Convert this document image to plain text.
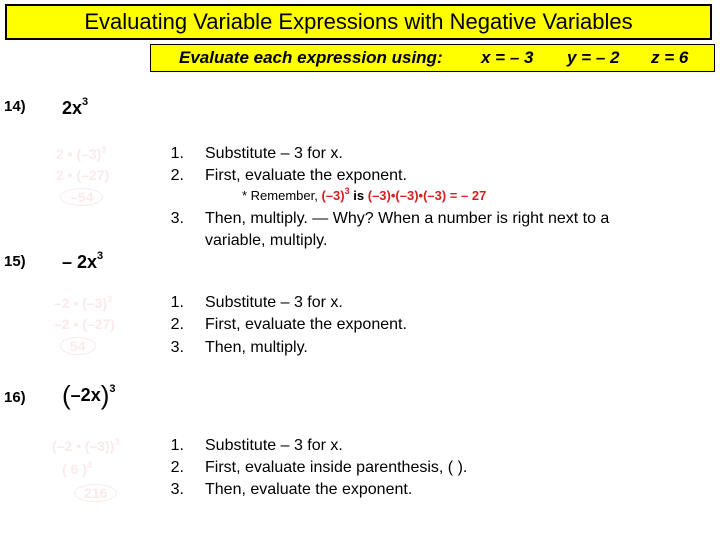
Evaluating Variable Expressions with Negative Variables
Evaluate each expression using: x = – 3 y = – 2 z = 6
14) $2x^3$
2 • $(-3)^3$
2 • (–27)
–54
1. Substitute – 3 for x.
2. First, evaluate the exponent.
* Remember, $(-3)^3$ is (–3)•(–3)•(–3) = – 27
3. Then, multiply. — Why? When a number is right next to a
variable, multiply.
$15) - 2x^3$
–2 • $(-3)^3$
–2 • (–27)
54
1. Substitute – 3 for x.
2. First, evaluate the exponent.
3. Then, multiply.
16) $(-2x)^3$
(–2 • (–3))$^3$
( 6 )$^3$
216
1. Substitute – 3 for x.
2. First, evaluate inside parenthesis, ( ).
3. Then, evaluate the exponent.
